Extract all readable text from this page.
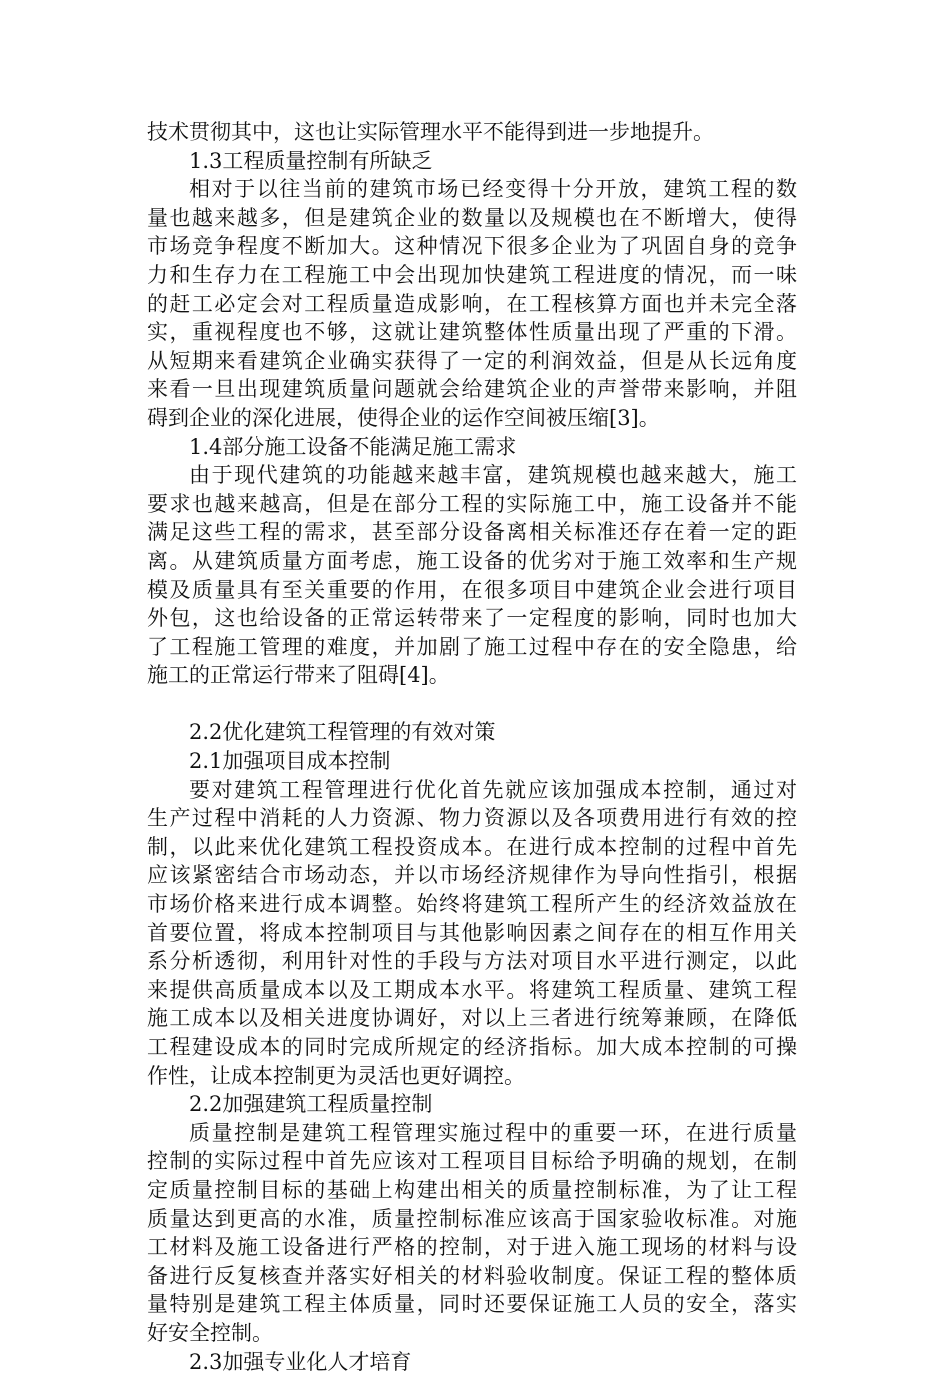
技术贯彻其中，这也让实际管理水平不能得到进一步地提升。
1.3工程质量控制有所缺乏
相对于以往当前的建筑市场已经变得十分开放，建筑工程的数
量也越来越多，但是建筑企业的数量以及规模也在不断增大，使得
市场竞争程度不断加大。这种情况下很多企业为了巩固自身的竞争
力和生存力在工程施工中会出现加快建筑工程进度的情况，而一味
的赶工必定会对工程质量造成影响，在工程核算方面也并未完全落
实，重视程度也不够，这就让建筑整体性质量出现了严重的下滑。
从短期来看建筑企业确实获得了一定的利润效益，但是从长远角度
来看一旦出现建筑质量问题就会给建筑企业的声誉带来影响，并阻
碍到企业的深化进展，使得企业的运作空间被压缩[3]。
1.4部分施工设备不能满足施工需求
由于现代建筑的功能越来越丰富，建筑规模也越来越大，施工
要求也越来越高，但是在部分工程的实际施工中，施工设备并不能
满足这些工程的需求，甚至部分设备离相关标准还存在着一定的距
离。从建筑质量方面考虑，施工设备的优劣对于施工效率和生产规
模及质量具有至关重要的作用，在很多项目中建筑企业会进行项目
外包，这也给设备的正常运转带来了一定程度的影响，同时也加大
了工程施工管理的难度，并加剧了施工过程中存在的安全隐患，给
施工的正常运行带来了阻碍[4]。
2.2优化建筑工程管理的有效对策
2.1加强项目成本控制
要对建筑工程管理进行优化首先就应该加强成本控制，通过对
生产过程中消耗的人力资源、物力资源以及各项费用进行有效的控
制，以此来优化建筑工程投资成本。在进行成本控制的过程中首先
应该紧密结合市场动态，并以市场经济规律作为导向性指引，根据
市场价格来进行成本调整。始终将建筑工程所产生的经济效益放在
首要位置，将成本控制项目与其他影响因素之间存在的相互作用关
系分析透彻，利用针对性的手段与方法对项目水平进行测定，以此
来提供高质量成本以及工期成本水平。将建筑工程质量、建筑工程
施工成本以及相关进度协调好，对以上三者进行统筹兼顾，在降低
工程建设成本的同时完成所规定的经济指标。加大成本控制的可操
作性，让成本控制更为灵活也更好调控。
2.2加强建筑工程质量控制
质量控制是建筑工程管理实施过程中的重要一环，在进行质量
控制的实际过程中首先应该对工程项目目标给予明确的规划，在制
定质量控制目标的基础上构建出相关的质量控制标准，为了让工程
质量达到更高的水准，质量控制标准应该高于国家验收标准。对施
工材料及施工设备进行严格的控制，对于进入施工现场的材料与设
备进行反复核查并落实好相关的材料验收制度。保证工程的整体质
量特别是建筑工程主体质量，同时还要保证施工人员的安全，落实
好安全控制。
2.3加强专业化人才培育
